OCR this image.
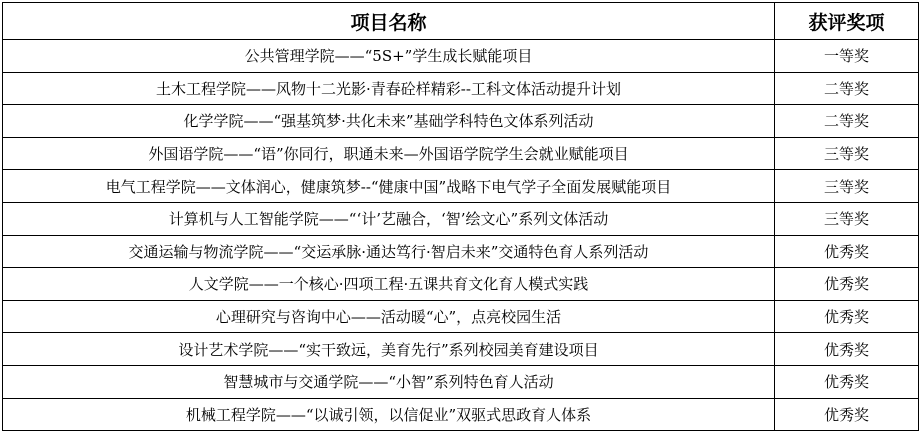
项目名称	获评奖项
公共管理学院——“5S+”学生成长赋能项目	一等奖
土木工程学院——风物十二光影·青春砼样精彩--工科文体活动提升计划	二等奖
化学学院——“强基筑梦·共化未来”基础学科特色文体系列活动	二等奖
外国语学院——“语”你同行，职通未来—外国语学院学生会就业赋能项目	三等奖
电气工程学院——文体润心，健康筑梦--“健康中国”战略下电气学子全面发展赋能项目	三等奖
计算机与人工智能学院——“‘计’艺融合，‘智’绘文心”系列文体活动	三等奖
交通运输与物流学院——“交运承脉·通达笃行·智启未来”交通特色育人系列活动	优秀奖
人文学院——一个核心·四项工程·五课共育文化育人模式实践	优秀奖
心理研究与咨询中心——活动暖“心”，点亮校园生活	优秀奖
设计艺术学院——“实干致远，美育先行”系列校园美育建设项目	优秀奖
智慧城市与交通学院——“小智”系列特色育人活动	优秀奖
机械工程学院——“以诚引领，以信促业”双驱式思政育人体系	优秀奖
